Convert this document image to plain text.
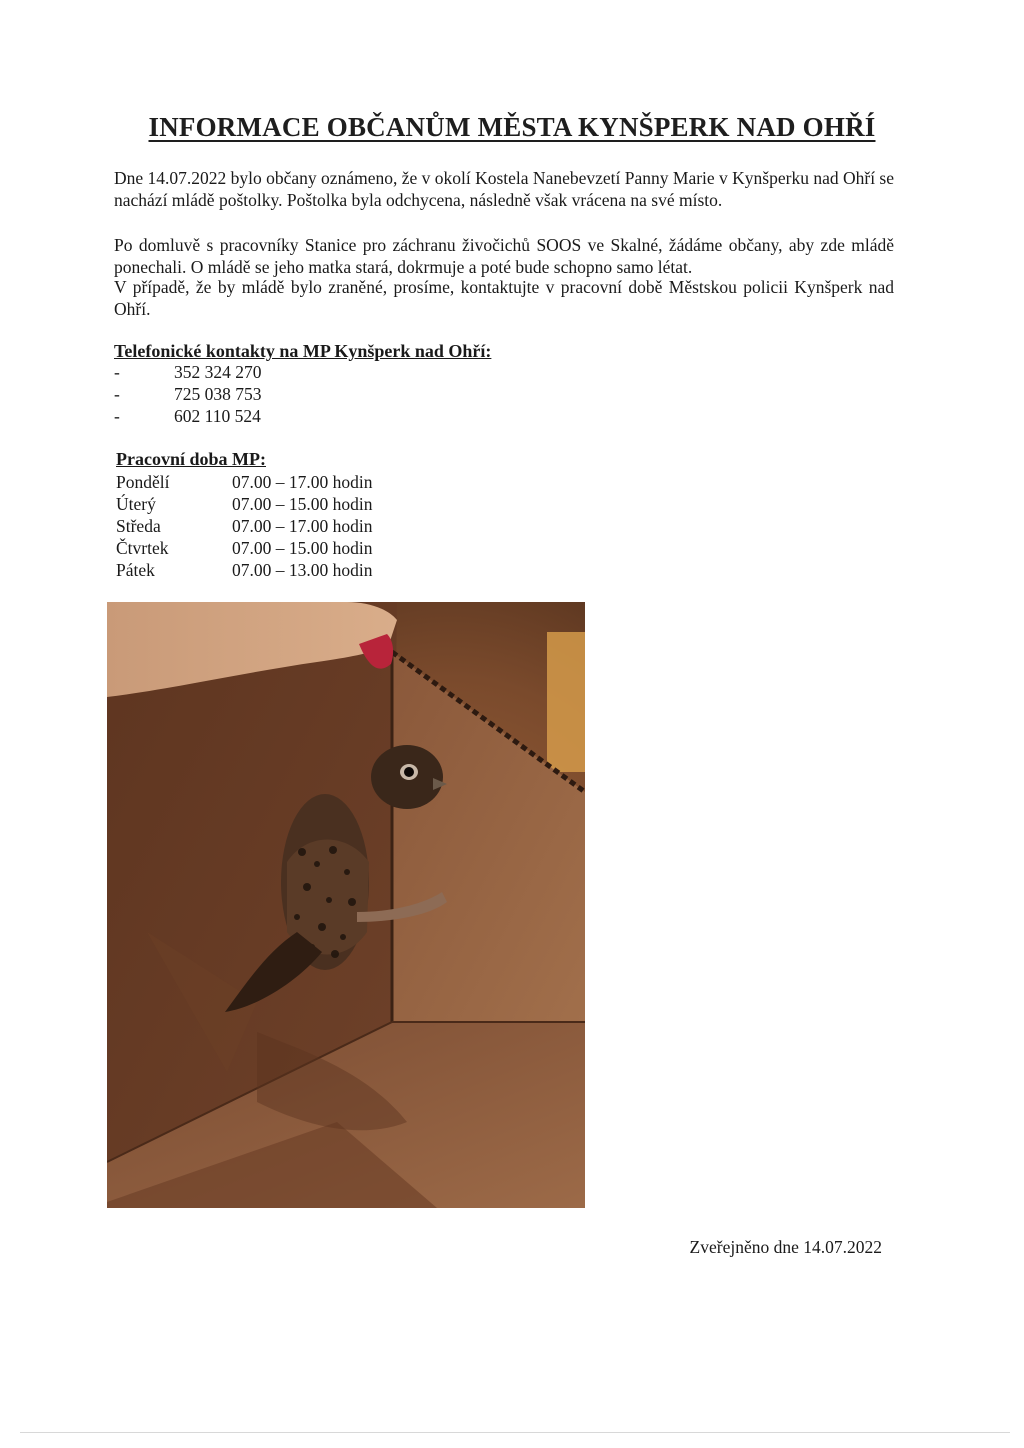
INFORMACE OBČANŮM MĚSTA KYNŠPERK NAD OHŘÍ
Dne 14.07.2022 bylo občany oznámeno, že v okolí Kostela Nanebevzetí Panny Marie v Kynšperku nad Ohří se nachází mládě poštolky. Poštolka byla odchycena, následně však vrácena na své místo.
Po domluvě s pracovníky Stanice pro záchranu živočichů SOOS ve Skalné, žádáme občany, aby zde mládě ponechali. O mládě se jeho matka stará, dokrmuje a poté bude schopno samo létat.
V případě, že by mládě bylo zraněné, prosíme, kontaktujte v pracovní době Městskou policii Kynšperk nad Ohří.
Telefonické kontakty na MP Kynšperk nad Ohří:
-	352 324 270
-	725 038 753
-	602 110 524
Pracovní doba MP:
Pondělí	07.00 – 17.00 hodin
Úterý	07.00 – 15.00 hodin
Středa	07.00 – 17.00 hodin
Čtvrtek	07.00 – 15.00 hodin
Pátek	07.00 – 13.00 hodin
Zveřejněno dne 14.07.2022
